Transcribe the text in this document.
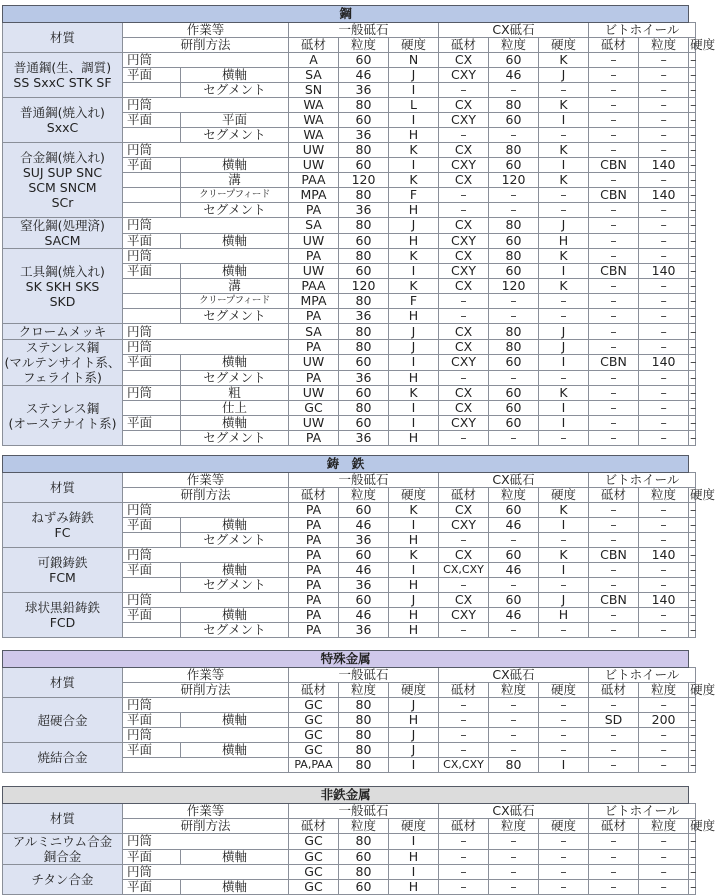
鋼											
材質	作業等		一般砥石			CX砥石			ビトホイール		
	研削方法										
			砥材	粒度	硬度	砥材	粒度	硬度	砥材	粒度	硬度
普通鋼(生、調質)
SS SxxC STK SF	円筒		A	60	N	CX	60	K	–	–	–
	平面	横軸	SA	46	J	CXY	46	J	–	–	–
		セグメント	SN	36	I	–	–	–	–	–	–
普通鋼(焼入れ)
SxxC	円筒		WA	80	L	CX	80	K	–	–	–
	平面	平面	WA	60	I	CXY	60	I	–	–	–
		セグメント	WA	36	H	–	–	–	–	–	–
合金鋼(焼入れ)
SUJ SUP SNC
SCM SNCM
SCr	円筒		UW	80	K	CX	80	K	–	–	–
	平面	横軸	UW	60	I	CXY	60	I	CBN	140	–
		溝	PAA	120	K	CX	120	K	–	–	–
		クリープフィード	MPA	80	F	–	–	–	CBN	140	–
		セグメント	PA	36	H	–	–	–	–	–	–
窒化鋼(処理済)
SACM	円筒		SA	80	J	CX	80	J	–	–	–
	平面	横軸	UW	60	H	CXY	60	H	–	–	–
工具鋼(焼入れ)
SK SKH SKS
SKD	円筒		PA	80	K	CX	80	K	–	–	–
	平面	横軸	UW	60	I	CXY	60	I	CBN	140	–
		溝	PAA	120	K	CX	120	K	–	–	–
		クリープフィード	MPA	80	F	–	–	–	–	–	–
		セグメント	PA	36	H	–	–	–	–	–	–
クロームメッキ	円筒		SA	80	J	CX	80	J	–	–	–
ステンレス鋼
(マルテンサイト系、
フェライト系)	円筒		PA	80	J	CX	80	J	–	–	–
	平面	横軸	UW	60	I	CXY	60	I	CBN	140	–
		セグメント	PA	36	H	–	–	–	–	–	–
ステンレス鋼
(オーステナイト系)	円筒	粗	UW	60	K	CX	60	K	–	–	–
		仕上	GC	80	I	CX	60	I	–	–	–
	平面	横軸	UW	60	I	CXY	60	I	–	–	–
		セグメント	PA	36	H	–	–	–	–	–	–
鋳　鉄											
材質	作業等		一般砥石			CX砥石			ビトホイール		
	研削方法										
			砥材	粒度	硬度	砥材	粒度	硬度	砥材	粒度	硬度
ねずみ鋳鉄
FC	円筒		PA	60	K	CX	60	K	–	–	–
	平面	横軸	PA	46	I	CXY	46	I	–	–	–
		セグメント	PA	36	H	–	–	–	–	–	–
可鍛鋳鉄
FCM	円筒		PA	60	K	CX	60	K	CBN	140	–
	平面	横軸	PA	46	I	CX,CXY	46	I	–	–	–
		セグメント	PA	36	H	–	–	–	–	–	–
球状黒鉛鋳鉄
FCD	円筒		PA	60	J	CX	60	J	CBN	140	–
	平面	横軸	PA	46	H	CXY	46	H	–	–	–
		セグメント	PA	36	H	–	–	–	–	–	–
特殊金属											
材質	作業等		一般砥石			CX砥石			ビトホイール		
	研削方法										
			砥材	粒度	硬度	砥材	粒度	硬度	砥材	粒度	硬度
超硬合金	円筒		GC	80	J	–	–	–	–	–	–
	平面	横軸	GC	80	H	–	–	–	SD	200	–
	円筒		GC	80	J	–	–	–	–	–	–
焼結合金	平面	横軸	GC	80	J	–	–	–	–	–	–
			PA,PAA	80	I	CX,CXY	80	I	–	–	–
非鉄金属											
材質	作業等		一般砥石			CX砥石			ビトホイール		
	研削方法										
			砥材	粒度	硬度	砥材	粒度	硬度	砥材	粒度	硬度
アルミニウム合金
銅合金	円筒		GC	80	I	–	–	–	–	–	–
	平面	横軸	GC	60	H	–	–	–	–	–	–
チタン合金	円筒		GC	80	I	–	–	–	–	–	–
	平面	横軸	GC	60	H	–	–	–	–	–	–
